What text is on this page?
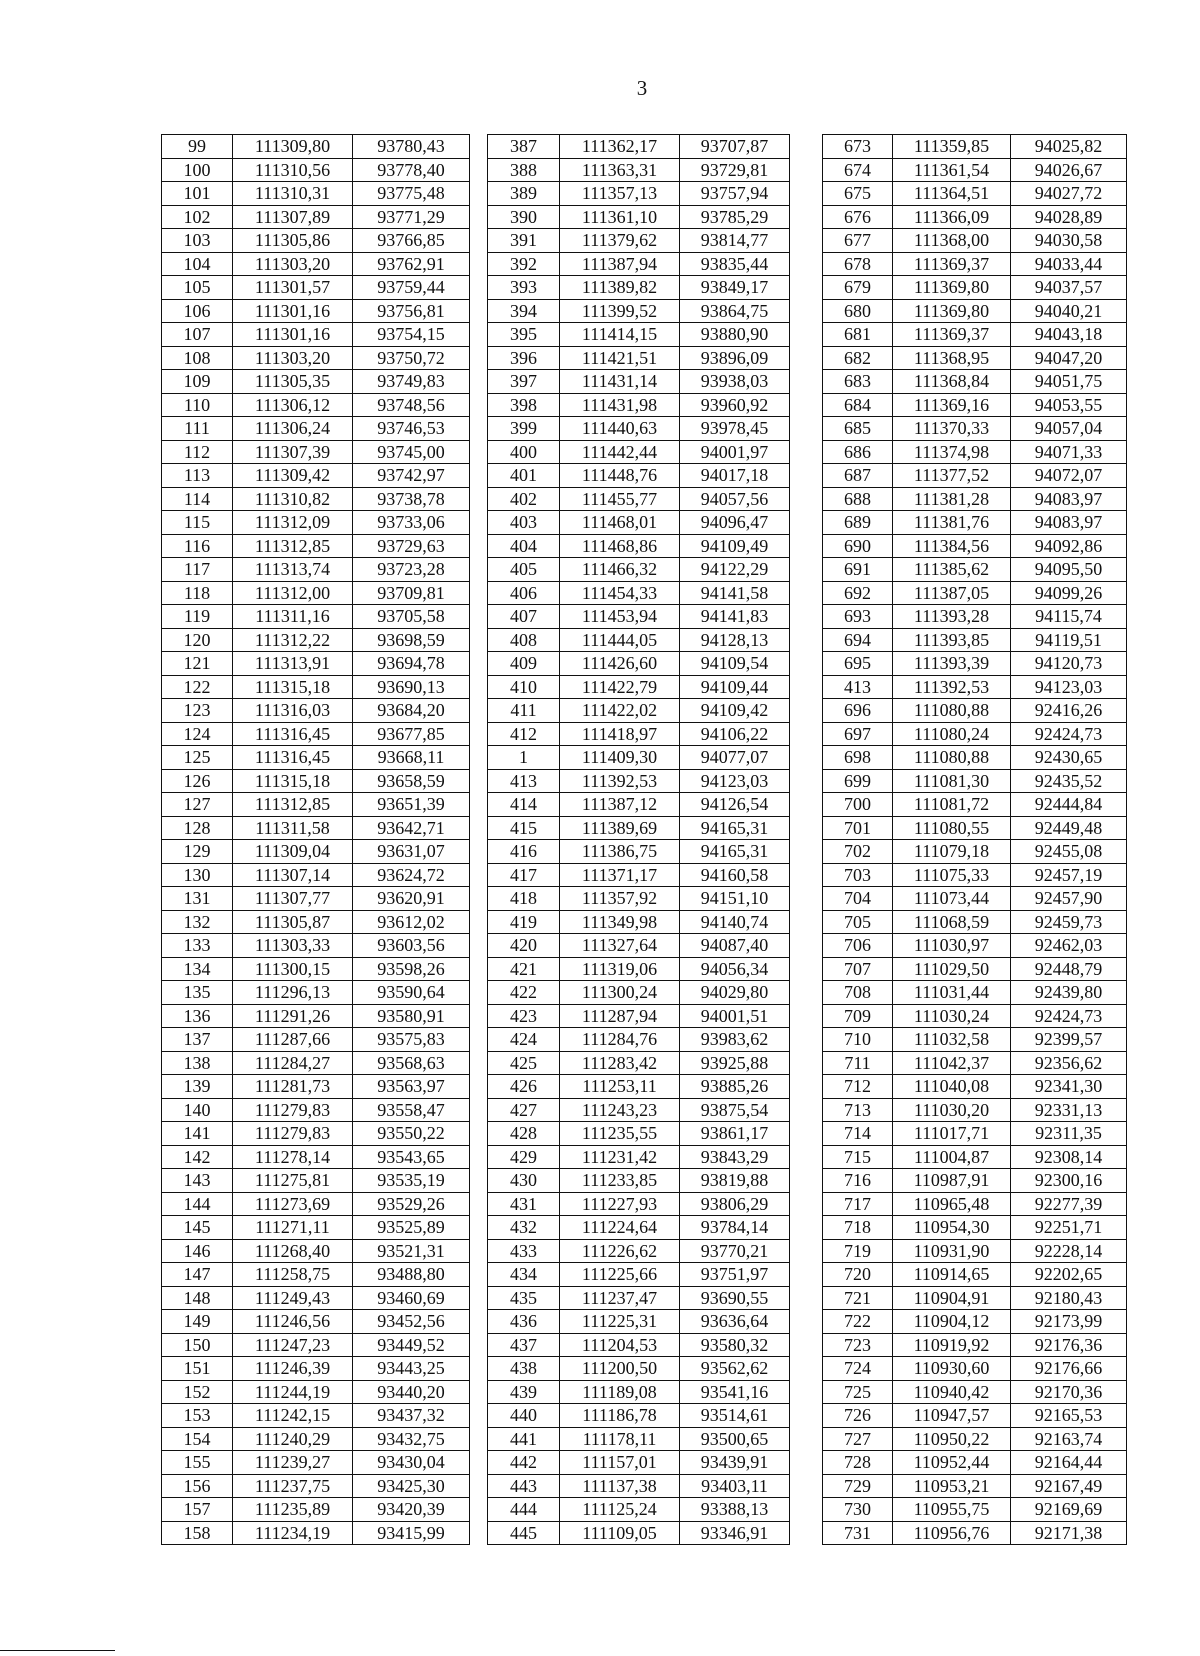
3
99	111309,80	93780,43		387	111362,17	93707,87		673	111359,85	94025,82
100	111310,56	93778,40		388	111363,31	93729,81		674	111361,54	94026,67
101	111310,31	93775,48		389	111357,13	93757,94		675	111364,51	94027,72
102	111307,89	93771,29		390	111361,10	93785,29		676	111366,09	94028,89
103	111305,86	93766,85		391	111379,62	93814,77		677	111368,00	94030,58
104	111303,20	93762,91		392	111387,94	93835,44		678	111369,37	94033,44
105	111301,57	93759,44		393	111389,82	93849,17		679	111369,80	94037,57
106	111301,16	93756,81		394	111399,52	93864,75		680	111369,80	94040,21
107	111301,16	93754,15		395	111414,15	93880,90		681	111369,37	94043,18
108	111303,20	93750,72		396	111421,51	93896,09		682	111368,95	94047,20
109	111305,35	93749,83		397	111431,14	93938,03		683	111368,84	94051,75
110	111306,12	93748,56		398	111431,98	93960,92		684	111369,16	94053,55
111	111306,24	93746,53		399	111440,63	93978,45		685	111370,33	94057,04
112	111307,39	93745,00		400	111442,44	94001,97		686	111374,98	94071,33
113	111309,42	93742,97		401	111448,76	94017,18		687	111377,52	94072,07
114	111310,82	93738,78		402	111455,77	94057,56		688	111381,28	94083,97
115	111312,09	93733,06		403	111468,01	94096,47		689	111381,76	94083,97
116	111312,85	93729,63		404	111468,86	94109,49		690	111384,56	94092,86
117	111313,74	93723,28		405	111466,32	94122,29		691	111385,62	94095,50
118	111312,00	93709,81		406	111454,33	94141,58		692	111387,05	94099,26
119	111311,16	93705,58		407	111453,94	94141,83		693	111393,28	94115,74
120	111312,22	93698,59		408	111444,05	94128,13		694	111393,85	94119,51
121	111313,91	93694,78		409	111426,60	94109,54		695	111393,39	94120,73
122	111315,18	93690,13		410	111422,79	94109,44		413	111392,53	94123,03
123	111316,03	93684,20		411	111422,02	94109,42		696	111080,88	92416,26
124	111316,45	93677,85		412	111418,97	94106,22		697	111080,24	92424,73
125	111316,45	93668,11		1	111409,30	94077,07		698	111080,88	92430,65
126	111315,18	93658,59		413	111392,53	94123,03		699	111081,30	92435,52
127	111312,85	93651,39		414	111387,12	94126,54		700	111081,72	92444,84
128	111311,58	93642,71		415	111389,69	94165,31		701	111080,55	92449,48
129	111309,04	93631,07		416	111386,75	94165,31		702	111079,18	92455,08
130	111307,14	93624,72		417	111371,17	94160,58		703	111075,33	92457,19
131	111307,77	93620,91		418	111357,92	94151,10		704	111073,44	92457,90
132	111305,87	93612,02		419	111349,98	94140,74		705	111068,59	92459,73
133	111303,33	93603,56		420	111327,64	94087,40		706	111030,97	92462,03
134	111300,15	93598,26		421	111319,06	94056,34		707	111029,50	92448,79
135	111296,13	93590,64		422	111300,24	94029,80		708	111031,44	92439,80
136	111291,26	93580,91		423	111287,94	94001,51		709	111030,24	92424,73
137	111287,66	93575,83		424	111284,76	93983,62		710	111032,58	92399,57
138	111284,27	93568,63		425	111283,42	93925,88		711	111042,37	92356,62
139	111281,73	93563,97		426	111253,11	93885,26		712	111040,08	92341,30
140	111279,83	93558,47		427	111243,23	93875,54		713	111030,20	92331,13
141	111279,83	93550,22		428	111235,55	93861,17		714	111017,71	92311,35
142	111278,14	93543,65		429	111231,42	93843,29		715	111004,87	92308,14
143	111275,81	93535,19		430	111233,85	93819,88		716	110987,91	92300,16
144	111273,69	93529,26		431	111227,93	93806,29		717	110965,48	92277,39
145	111271,11	93525,89		432	111224,64	93784,14		718	110954,30	92251,71
146	111268,40	93521,31		433	111226,62	93770,21		719	110931,90	92228,14
147	111258,75	93488,80		434	111225,66	93751,97		720	110914,65	92202,65
148	111249,43	93460,69		435	111237,47	93690,55		721	110904,91	92180,43
149	111246,56	93452,56		436	111225,31	93636,64		722	110904,12	92173,99
150	111247,23	93449,52		437	111204,53	93580,32		723	110919,92	92176,36
151	111246,39	93443,25		438	111200,50	93562,62		724	110930,60	92176,66
152	111244,19	93440,20		439	111189,08	93541,16		725	110940,42	92170,36
153	111242,15	93437,32		440	111186,78	93514,61		726	110947,57	92165,53
154	111240,29	93432,75		441	111178,11	93500,65		727	110950,22	92163,74
155	111239,27	93430,04		442	111157,01	93439,91		728	110952,44	92164,44
156	111237,75	93425,30		443	111137,38	93403,11		729	110953,21	92167,49
157	111235,89	93420,39		444	111125,24	93388,13		730	110955,75	92169,69
158	111234,19	93415,99		445	111109,05	93346,91		731	110956,76	92171,38
